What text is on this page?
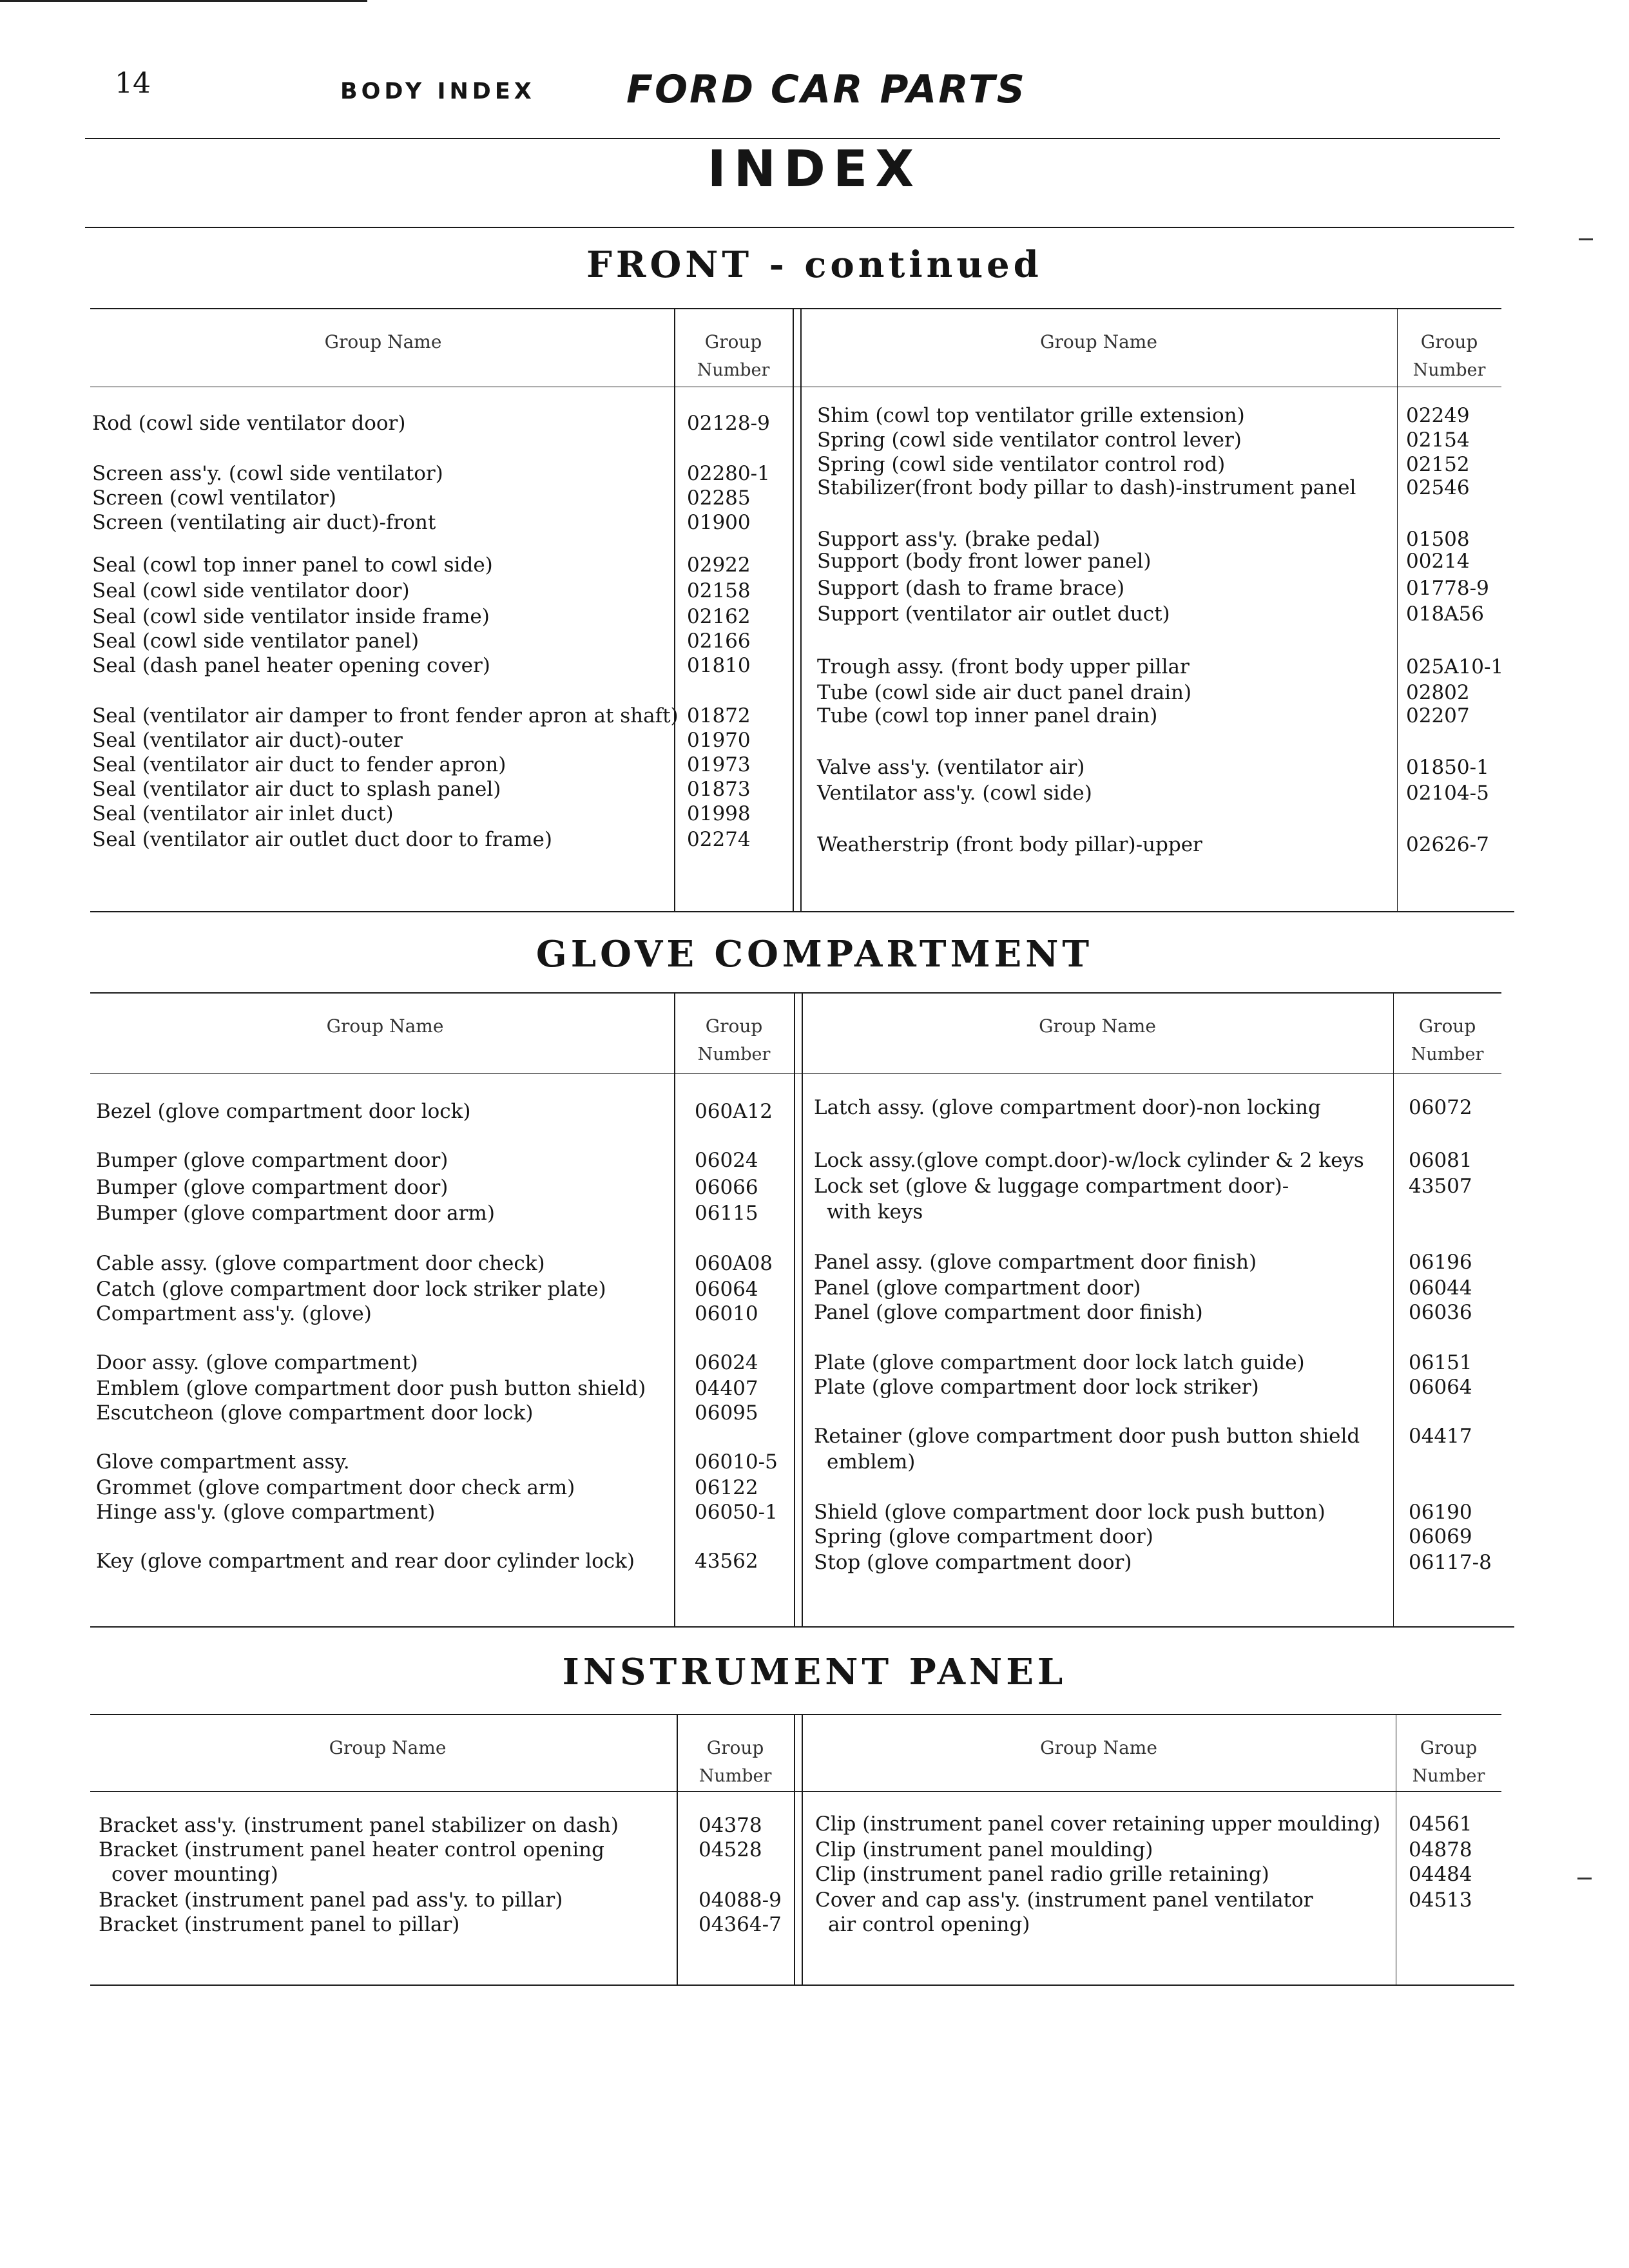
14	BODY INDEX FORD CAR PARTS
INDEX
FRONT - continued
Group Name	Group
Number
Group Name	Group
Number
Rod (cowl side ventilator door)	02128-9
Screen ass'y. (cowl side ventilator)	02280-1
Screen (cowl ventilator)	02285
Screen (ventilating air duct)-front	01900
Seal (cowl top inner panel to cowl side)	02922
Seal (cowl side ventilator door)	02158
Seal (cowl side ventilator inside frame)	02162
Seal (cowl side ventilator panel)	02166
Seal (dash panel heater opening cover)	01810
Seal (ventilator air damper to front fender apron at shaft) 01872
Seal (ventilator air duct)-outer	01970
Seal (ventilator air duct to fender apron)	01973
Seal (ventilator air duct to splash panel)	01873
Seal (ventilator air inlet duct)	01998
Seal (ventilator air outlet duct door to frame)	02274
Shim (cowl top ventilator grille extension)	02249
Spring (cowl side ventilator control lever)	02154
Spring (cowl side ventilator control rod)	02152
Stabilizer(front body pillar to dash)-instrument panel	02546
Support ass'y. (brake pedal)	01508
Support (body front lower panel)	00214
Support (dash to frame brace)	01778-9
Support (ventilator air outlet duct)	018A56
Trough assy. (front body upper pillar	025A10-1
Tube (cowl side air duct panel drain)	02802
Tube (cowl top inner panel drain)	02207
Valve ass'y. (ventilator air)	01850-1
Ventilator ass'y. (cowl side)	02104-5
Weatherstrip (front body pillar)-upper	02626-7
GLOVE COMPARTMENT
Group Name	Group
Number
Group Name	Group
Number
Bezel (glove compartment door lock)	060A12
Bumper (glove compartment door)	06024
Bumper (glove compartment door)	06066
Bumper (glove compartment door arm)	06115
Cable assy. (glove compartment door check)	060A08
Catch (glove compartment door lock striker plate)	06064
Compartment ass'y. (glove)	06010
Door assy. (glove compartment)	06024
Emblem (glove compartment door push button shield) 04407
Escutcheon (glove compartment door lock)	06095
Glove compartment assy.	06010-5
Grommet (glove compartment door check arm)	06122
Hinge ass'y. (glove compartment)	06050-1
Key (glove compartment and rear door cylinder lock)	43562
Latch assy. (glove compartment door)-non locking	06072
Lock assy.(glove compt.door)-w/lock cylinder & 2 keys 06081
Lock set (glove & luggage compartment door)-	43507
with keys
Panel assy. (glove compartment door finish)	06196
Panel (glove compartment door)	06044
Panel (glove compartment door finish)	06036
Plate (glove compartment door lock latch guide)	06151
Plate (glove compartment door lock striker)	06064
Retainer (glove compartment door push button shield 04417
emblem)
Shield (glove compartment door lock push button)	06190
Spring (glove compartment door)	06069
Stop (glove compartment door)	06117-8
INSTRUMENT PANEL
Group Name	Group
Number
Group Name	Group
Number
Bracket ass'y. (instrument panel stabilizer on dash)	04378
Bracket (instrument panel heater control opening	04528
cover mounting)
Bracket (instrument panel pad ass'y. to pillar)	04088-9
Bracket (instrument panel to pillar)	04364-7
Clip (instrument panel cover retaining upper moulding) 04561
Clip (instrument panel moulding)	04878
Clip (instrument panel radio grille retaining)	04484
Cover and cap ass'y. (instrument panel ventilator	04513
air control opening)
